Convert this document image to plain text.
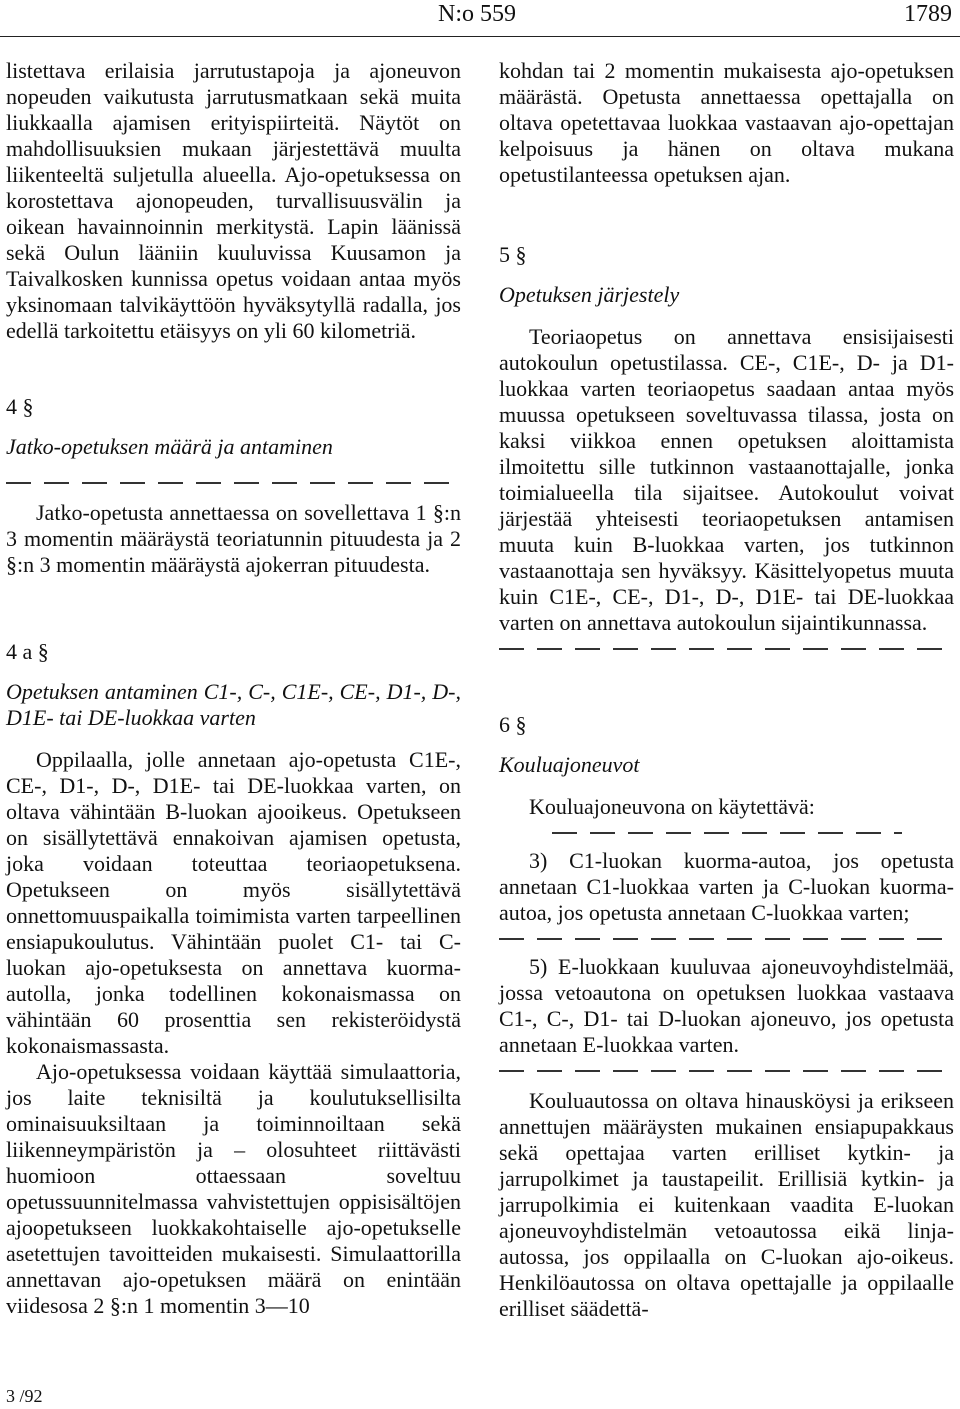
N:o 559	1789

listettava erilaisia jarrutustapoja ja ajoneuvon nopeuden vaikutusta jarrutusmatkaan sekä muita liukkaalla ajamisen erityispiirteitä. Näytöt on mahdollisuuksien mukaan järjestettävä muulta liikenteeltä suljetulla alueella. Ajo-opetuksessa on korostettava ajonopeuden, turvallisuusvälin ja oikean havainnoinnin merkitystä. Lapin läänissä sekä Oulun lääniin kuuluvissa Kuusamon ja Taivalkosken kunnissa opetus voidaan antaa myös yksinomaan talvikäyttöön hyväksytyllä radalla, jos edellä tarkoitettu etäisyys on yli 60 kilometriä.

4 §

Jatko-opetuksen määrä ja antaminen

Jatko-opetusta annettaessa on sovellettava 1 §:n 3 momentin määräystä teoriatunnin pituudesta ja 2 §:n 3 momentin määräystä ajokerran pituudesta.

4 a §

Opetuksen antaminen C1-, C-, C1E-, CE-, D1-, D-, D1E- tai DE-luokkaa varten

Oppilaalla, jolle annetaan ajo-opetusta C1E-, CE-, D1-, D-, D1E- tai DE-luokkaa varten, on oltava vähintään B-luokan ajooikeus. Opetukseen on sisällytettävä ennakoivan ajamisen opetusta, joka voidaan toteuttaa teoriaopetuksena. Opetukseen on myös sisällytettävä onnettomuuspaikalla toimimista varten tarpeellinen ensiapukoulutus. Vähintään puolet C1- tai C-luokan ajo-opetuksesta on annettava kuorma-autolla, jonka todellinen kokonaismassa on vähintään 60 prosenttia sen rekisteröidystä kokonaismassasta.

Ajo-opetuksessa voidaan käyttää simulaattoria, jos laite teknisiltä ja koulutuksellisilta ominaisuuksiltaan ja toiminnoiltaan sekä liikenneympäristön ja – olosuhteet riittävästi huomioon ottaessaan soveltuu opetussuunnitelmassa vahvistettujen oppisisältöjen ajoopetukseen luokkakohtaiselle ajo-opetukselle asetettujen tavoitteiden mukaisesti. Simulaattorilla annettavan ajo-opetuksen määrä on enintään viidesosa 2 §:n 1 momentin 3—10

kohdan tai 2 momentin mukaisesta ajo-opetuksen määrästä. Opetusta annettaessa opettajalla on oltava opetettavaa luokkaa vastaavan ajo-opettajan kelpoisuus ja hänen on oltava mukana opetustilanteessa opetuksen ajan.

5 §

Opetuksen järjestely

Teoriaopetus on annettava ensisijaisesti autokoulun opetustilassa. CE-, C1E-, D- ja D1-luokkaa varten teoriaopetus saadaan antaa myös muussa opetukseen soveltuvassa tilassa, josta on kaksi viikkoa ennen opetuksen aloittamista ilmoitettu sille tutkinnon vastaanottajalle, jonka toimialueella tila sijaitsee. Autokoulut voivat järjestää yhteisesti teoriaopetuksen antamisen muuta kuin B-luokkaa varten, jos tutkinnon vastaanottaja sen hyväksyy. Käsittelyopetus muuta kuin C1E-, CE-, D1-, D-, D1E- tai DE-luokkaa varten on annettava autokoulun sijaintikunnassa.

6 §

Kouluajoneuvot

Kouluajoneuvona on käytettävä:

3) C1-luokan kuorma-autoa, jos opetusta annetaan C1-luokkaa varten ja C-luokan kuorma-autoa, jos opetusta annetaan C-luokkaa varten;

5) E-luokkaan kuuluvaa ajoneuvoyhdistelmää, jossa vetoautona on opetuksen luokkaa vastaava C1-, C-, D1- tai D-luokan ajoneuvo, jos opetusta annetaan E-luokkaa varten.

Kouluautossa on oltava hinausköysi ja erikseen annettujen määräysten mukainen ensiapupakkaus sekä opettajaa varten erilliset kytkin- ja jarrupolkimet ja taustapeilit. Erillisiä kytkin- ja jarrupolkimia ei kuitenkaan vaadita E-luokan ajoneuvoyhdistelmän vetoautossa eikä linja-autossa, jos oppilaalla on C-luokan ajo-oikeus. Henkilöautossa on oltava opettajalle ja oppilaalle erilliset säädettä-

3 /92
